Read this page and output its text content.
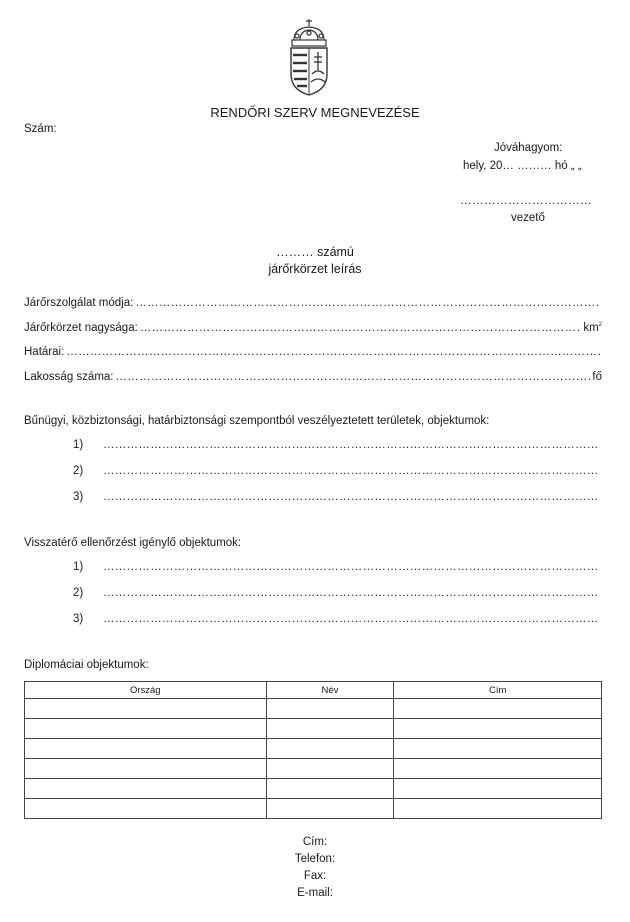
RENDŐRI SZERV MEGNEVEZÉSE
Szám:
Jóváhagyom:
hely, 20… ……… hó „ „
……………………………
vezető
……… számú
járőrkörzet leírás
Járőrszolgálat módja:
…………………………………………………………………………………………………………………………………………………………………………………
Járőrkörzet nagysága: …………………………………………………………………………………………………………………………………………………………………………………	$km^2$
Határai:
…………………………………………………………………………………………………………………………………………………………………………………
Lakosság száma: …………………………………………………………………………………………………………………………………………………………………………………	fő
Bűnügyi, közbiztonsági, határbiztonsági szempontból veszélyeztetett területek, objektumok:
1)
…………………………………………………………………………………………………………………………………………………………………
2)
…………………………………………………………………………………………………………………………………………………………………
3)
…………………………………………………………………………………………………………………………………………………………………
Visszatérő ellenőrzést igénylő objektumok:
1)
…………………………………………………………………………………………………………………………………………………………………
2)
…………………………………………………………………………………………………………………………………………………………………
3)
…………………………………………………………………………………………………………………………………………………………………
Diplomáciai objektumok:
Ország	Név	Cím

Cím:
Telefon:
Fax:
E-mail:
